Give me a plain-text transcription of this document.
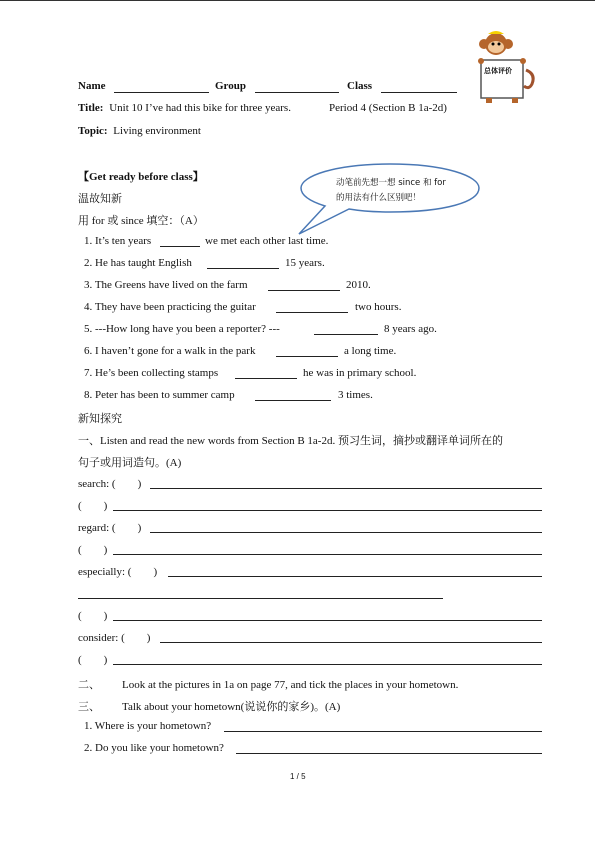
总体评价
Name	Group	Class
Title: Unit 10 I’ve had this bike for three years.	Period 4 (Section B 1a-2d)
Topic: Living environment
动笔前先想一想 since 和 for
的用法有什么区别吧！
【Get ready before class】
温故知新
用 for 或 since 填空：（A）
1. It’s ten years	we met each other last time.
2. He has taught English	15 years.
3. The Greens have lived on the farm	2010.
4. They have been practicing the guitar	two hours.
5. ---How long have you been a reporter? ---	8 years ago.
6. I haven’t gone for a walk in the park	a long time.
7. He’s been collecting stamps	he was in primary school.
8. Peter has been to summer camp	3 times.
新知探究
一、Listen and read the new words from Section B 1a-2d. 预习生词，摘抄或翻译单词所在的
句子或用词造句。(A)
search: ( )
( )
regard: ( )
( )
especially: ( )
( )
consider: ( )
( )
二、 Look at the pictures in 1a on page 77, and tick the places in your hometown.
三、 Talk about your hometown(说说你的家乡)。(A)
1. Where is your hometown?
2. Do you like your hometown?
1 / 5
